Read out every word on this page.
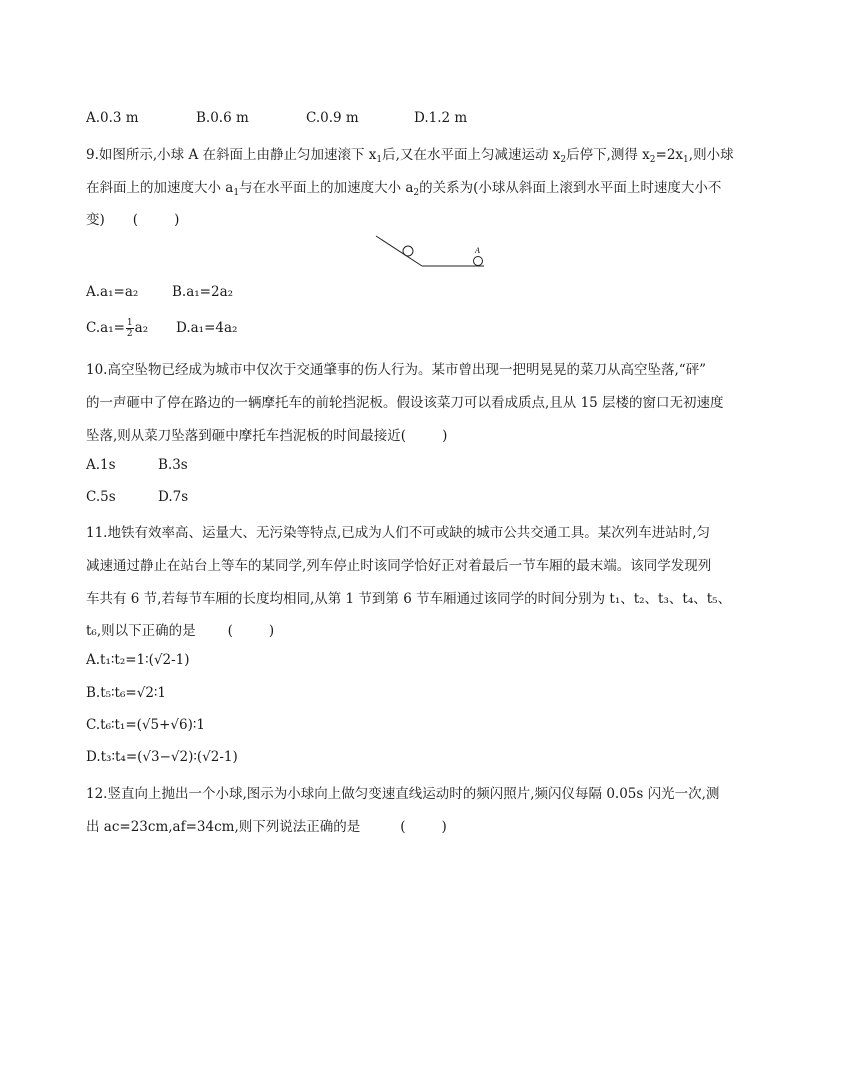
A.0.3 m	B.0.6 m	C.0.9 m	D.1.2 m
9.如图所示,小球 A 在斜面上由静止匀加速滚下 $x_1$后,又在水平面上匀减速运动 $x_2$后停下,测得 $x_2=2x_1$,则小球
在斜面上的加速度大小 $a_1$与在水平面上的加速度大小 $a_2$的关系为(小球从斜面上滚到水平面上时速度大小不
变) (	)
A
A.a₁=a₂ B.a₁=2a₂
$C.a_1= \frac{1}{2} a_2$ D.a₁=4a₂
10.高空坠物已经成为城市中仅次于交通肇事的伤人行为。某市曾出现一把明晃晃的菜刀从高空坠落,“砰”
的一声砸中了停在路边的一辆摩托车的前轮挡泥板。假设该菜刀可以看成质点,且从 15 层楼的窗口无初速度
坠落,则从菜刀坠落到砸中摩托车挡泥板的时间最接近(	)
A.1s	B.3s
C.5s	D.7s
11.地铁有效率高、运量大、无污染等特点,已成为人们不可或缺的城市公共交通工具。某次列车进站时,匀
减速通过静止在站台上等车的某同学,列车停止时该同学恰好正对着最后一节车厢的最末端。该同学发现列
车共有 6 节,若每节车厢的长度均相同,从第 1 节到第 6 节车厢通过该同学的时间分别为 t₁、t₂、t₃、t₄、t₅、
t₆,则以下正确的是 (	)
A.t₁∶t₂=1∶(√2-1)
B.t₅∶t₆=√2∶1
C.t₆∶t₁=(√5+√6)∶1
D.t₃∶t₄=(√3−√2)∶(√2-1)
12.竖直向上抛出一个小球,图示为小球向上做匀变速直线运动时的频闪照片,频闪仪每隔 0.05s 闪光一次,测
出 ac=23cm,af=34cm,则下列说法正确的是	(	)
